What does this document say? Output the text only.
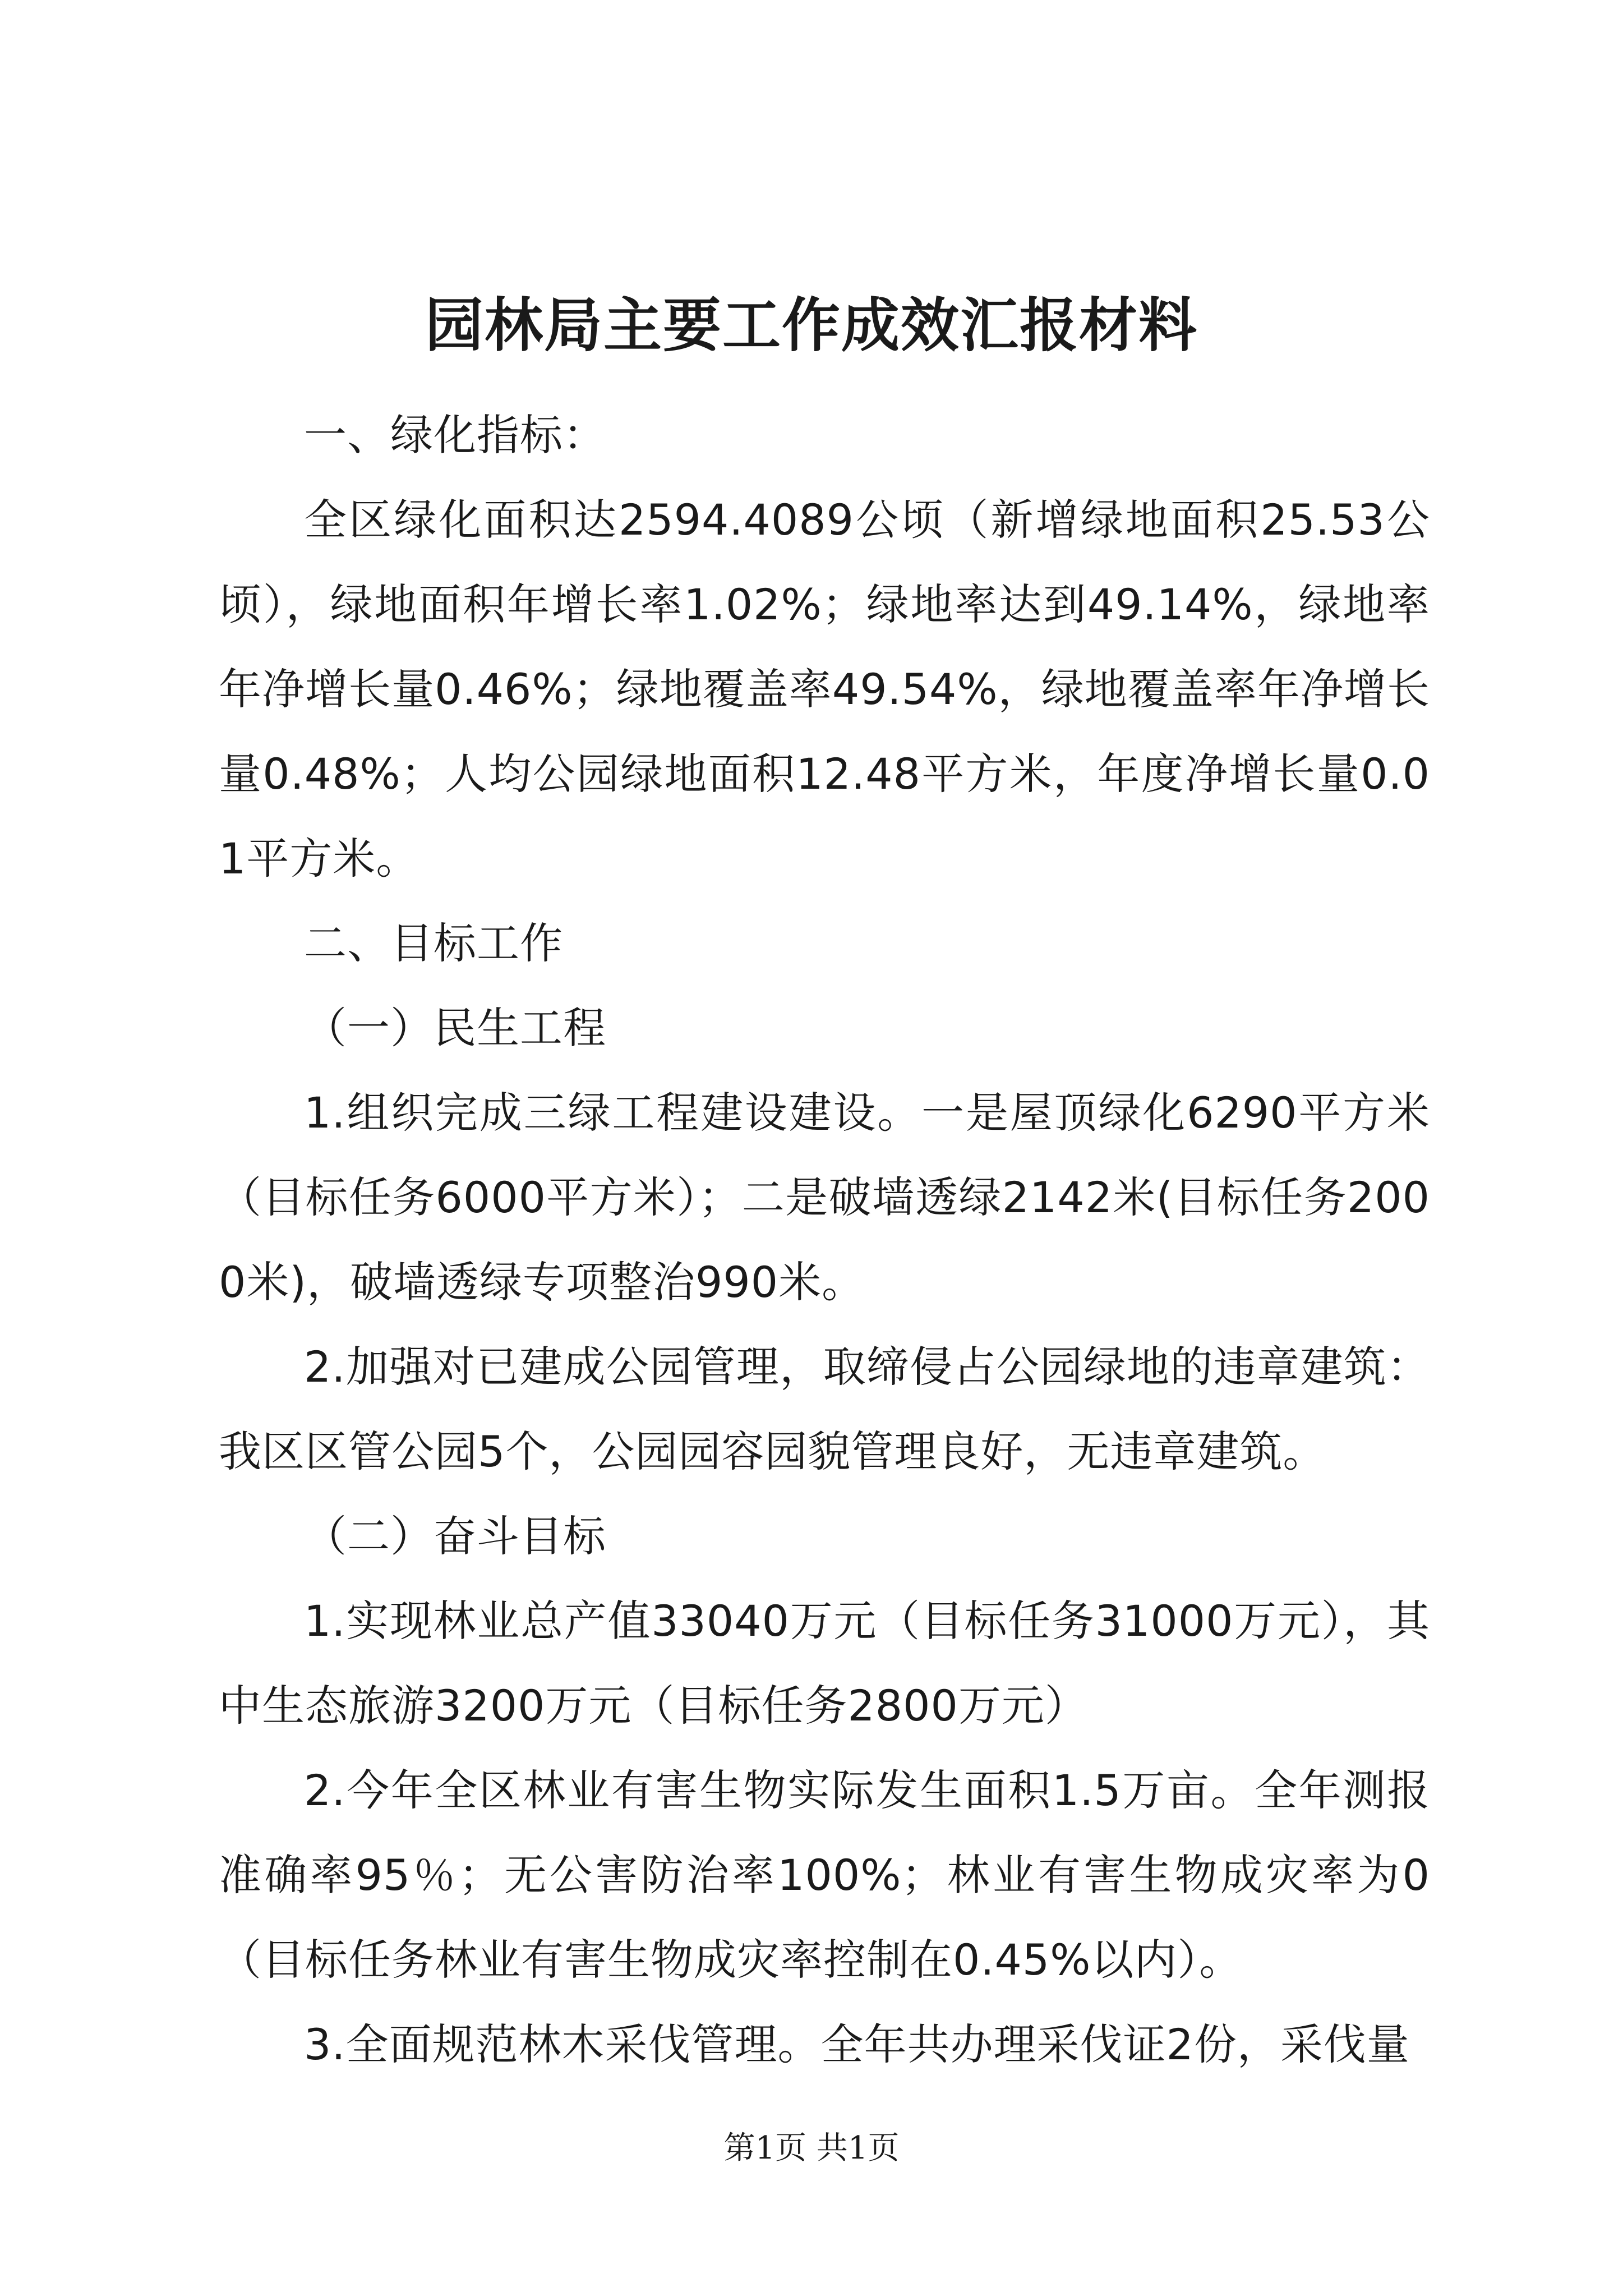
园林局主要工作成效汇报材料

一、绿化指标：

全区绿化面积达2594.4089公顷（新增绿地面积25.53公顷），绿地面积年增长率1.02%；绿地率达到49.14%，绿地率年净增长量0.46%；绿地覆盖率49.54%，绿地覆盖率年净增长量0.48%；人均公园绿地面积12.48平方米，年度净增长量0.01平方米。

二、目标工作

（一）民生工程

1.组织完成三绿工程建设建设。一是屋顶绿化6290平方米（目标任务6000平方米）；二是破墙透绿2142米(目标任务2000米)，破墙透绿专项整治990米。

2.加强对已建成公园管理，取缔侵占公园绿地的违章建筑：我区区管公园5个，公园园容园貌管理良好，无违章建筑。

（二）奋斗目标

1.实现林业总产值33040万元（目标任务31000万元），其中生态旅游3200万元（目标任务2800万元）

2.今年全区林业有害生物实际发生面积1.5万亩。全年测报准确率95％；无公害防治率100%；林业有害生物成灾率为0（目标任务林业有害生物成灾率控制在0.45%以内）。

3.全面规范林木采伐管理。全年共办理采伐证2份，采伐量

第1页 共1页
